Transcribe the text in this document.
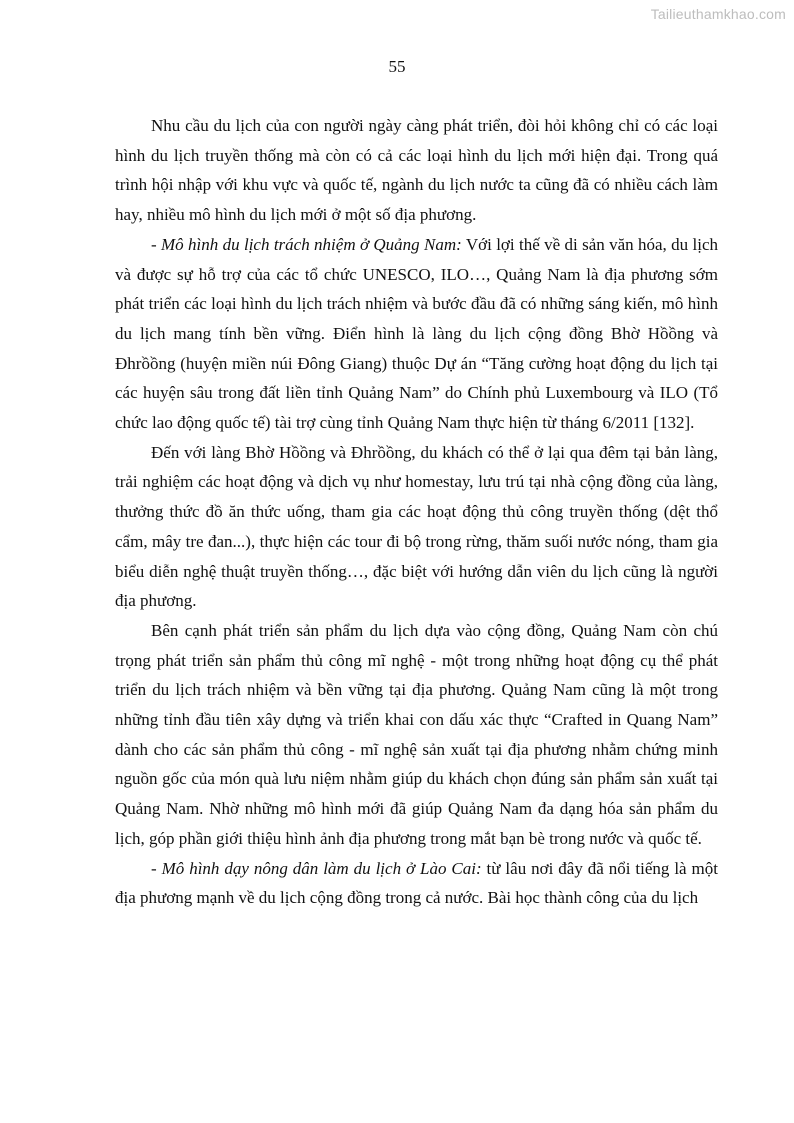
Tailieuthamkhao.com
55

Nhu cầu du lịch của con người ngày càng phát triển, đòi hỏi không chỉ có các loại hình du lịch truyền thống mà còn có cả các loại hình du lịch mới hiện đại. Trong quá trình hội nhập với khu vực và quốc tế, ngành du lịch nước ta cũng đã có nhiều cách làm hay, nhiều mô hình du lịch mới ở một số địa phương.

- Mô hình du lịch trách nhiệm ở Quảng Nam: Với lợi thế về di sản văn hóa, du lịch và được sự hỗ trợ của các tổ chức UNESCO, ILO…, Quảng Nam là địa phương sớm phát triển các loại hình du lịch trách nhiệm và bước đầu đã có những sáng kiến, mô hình du lịch mang tính bền vững. Điển hình là làng du lịch cộng đồng Bhờ Hồồng và Đhrồồng (huyện miền núi Đông Giang) thuộc Dự án “Tăng cường hoạt động du lịch tại các huyện sâu trong đất liền tỉnh Quảng Nam” do Chính phủ Luxembourg và ILO (Tổ chức lao động quốc tế) tài trợ cùng tỉnh Quảng Nam thực hiện từ tháng 6/2011 [132].

Đến với làng Bhờ Hồồng và Đhrồồng, du khách có thể ở lại qua đêm tại bản làng, trải nghiệm các hoạt động và dịch vụ như homestay, lưu trú tại nhà cộng đồng của làng, thưởng thức đồ ăn thức uống, tham gia các hoạt động thủ công truyền thống (dệt thổ cẩm, mây tre đan...), thực hiện các tour đi bộ trong rừng, thăm suối nước nóng, tham gia biểu diễn nghệ thuật truyền thống…, đặc biệt với hướng dẫn viên du lịch cũng là người địa phương.

Bên cạnh phát triển sản phẩm du lịch dựa vào cộng đồng, Quảng Nam còn chú trọng phát triển sản phẩm thủ công mĩ nghệ - một trong những hoạt động cụ thể phát triển du lịch trách nhiệm và bền vững tại địa phương. Quảng Nam cũng là một trong những tỉnh đầu tiên xây dựng và triển khai con dấu xác thực “Crafted in Quang Nam” dành cho các sản phẩm thủ công - mĩ nghệ sản xuất tại địa phương nhằm chứng minh nguồn gốc của món quà lưu niệm nhằm giúp du khách chọn đúng sản phẩm sản xuất tại Quảng Nam. Nhờ những mô hình mới đã giúp Quảng Nam đa dạng hóa sản phẩm du lịch, góp phần giới thiệu hình ảnh địa phương trong mắt bạn bè trong nước và quốc tế.

- Mô hình dạy nông dân làm du lịch ở Lào Cai: từ lâu nơi đây đã nổi tiếng là một địa phương mạnh về du lịch cộng đồng trong cả nước. Bài học thành công của du lịch
